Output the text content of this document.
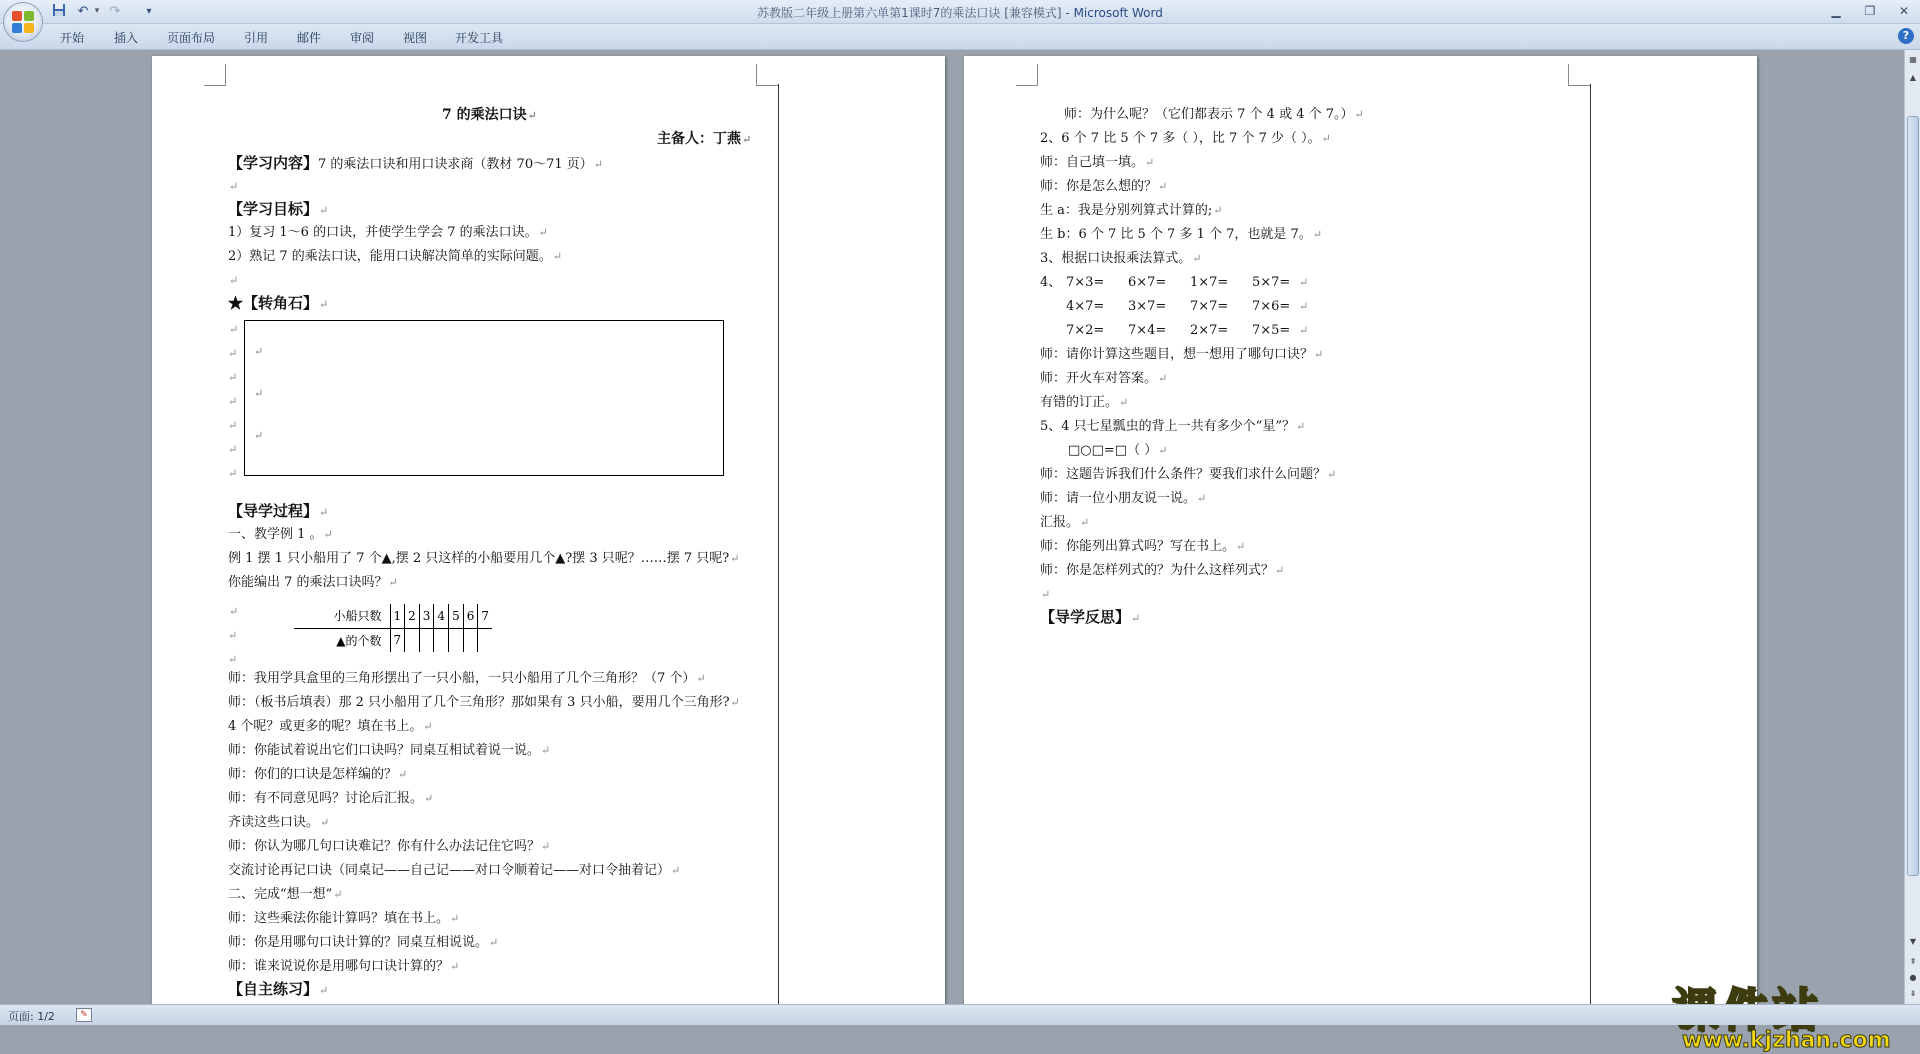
↶ ▾ ↷	▾	苏教版二年级上册第六单第1课时7的乘法口诀 [兼容模式] - Microsoft Word	▁	❐	✕
开始 插入 页面布局 引用 邮件 审阅 视图 开发工具	?
7 的乘法口诀↵
主备人：丁燕↵
【学习内容】7 的乘法口诀和用口诀求商（教材 70～71 页）↵
↵
【学习目标】↵
1）复习 1～6 的口诀，并使学生学会 7 的乘法口诀。↵
2）熟记 7 的乘法口诀，能用口诀解决简单的实际问题。↵
↵
★【转角石】↵
↵
↵
↵
↵
↵
↵
↵
↵
↵
↵
【导学过程】↵
一、教学例 1 。↵
例 1 摆 1 只小船用了 7 个▲,摆 2 只这样的小船要用几个▲?摆 3 只呢？……摆 7 只呢?↵
你能编出 7 的乘法口诀吗？↵
↵
↵
↵
小船只数	1	2	3	4	5	6	7
▲的个数	7						
师：我用学具盒里的三角形摆出了一只小船，一只小船用了几个三角形？（7 个）↵
师：（板书后填表）那 2 只小船用了几个三角形？那如果有 3 只小船，要用几个三角形?↵
4 个呢？或更多的呢？填在书上。↵
师：你能试着说出它们口诀吗？同桌互相试着说一说。↵
师：你们的口诀是怎样编的？↵
师：有不同意见吗？讨论后汇报。↵
齐读这些口诀。↵
师：你认为哪几句口诀难记？你有什么办法记住它吗？↵
交流讨论再记口诀（同桌记——自己记——对口令顺着记——对口令抽着记）↵
二、完成“想一想”↵
师：这些乘法你能计算吗？填在书上。↵
师：你是用哪句口诀计算的？同桌互相说说。↵
师：谁来说说你是用哪句口诀计算的？↵
【自主练习】↵
师：为什么呢？（它们都表示 7 个 4 或 4 个 7。）↵
2、6 个 7 比 5 个 7 多（ ），比 7 个 7 少（ ）。↵
师：自己填一填。↵
师：你是怎么想的？↵
生 a：我是分别列算式计算的;↵
生 b：6 个 7 比 5 个 7 多 1 个 7，也就是 7。↵
3、根据口诀报乘法算式。↵
4、 7×3= 6×7= 1×7= 5×7= ↵
4×7= 3×7= 7×7= 7×6= ↵
7×2= 7×4= 2×7= 7×5= ↵
师：请你计算这些题目，想一想用了哪句口诀？↵
师：开火车对答案。↵
有错的订正。↵
5、4 只七星瓢虫的背上一共有多少个“星”？↵
□○□=□（ ）↵
师：这题告诉我们什么条件？要我们求什么问题？↵
师：请一位小朋友说一说。↵
汇报。↵
师：你能列出算式吗？写在书上。↵
师：你是怎样列式的？为什么这样列式？↵
↵
【导学反思】↵
www.kjzhan.com
▦
▲
▼
⇞
●
⇟
页面: 1/2	✎
